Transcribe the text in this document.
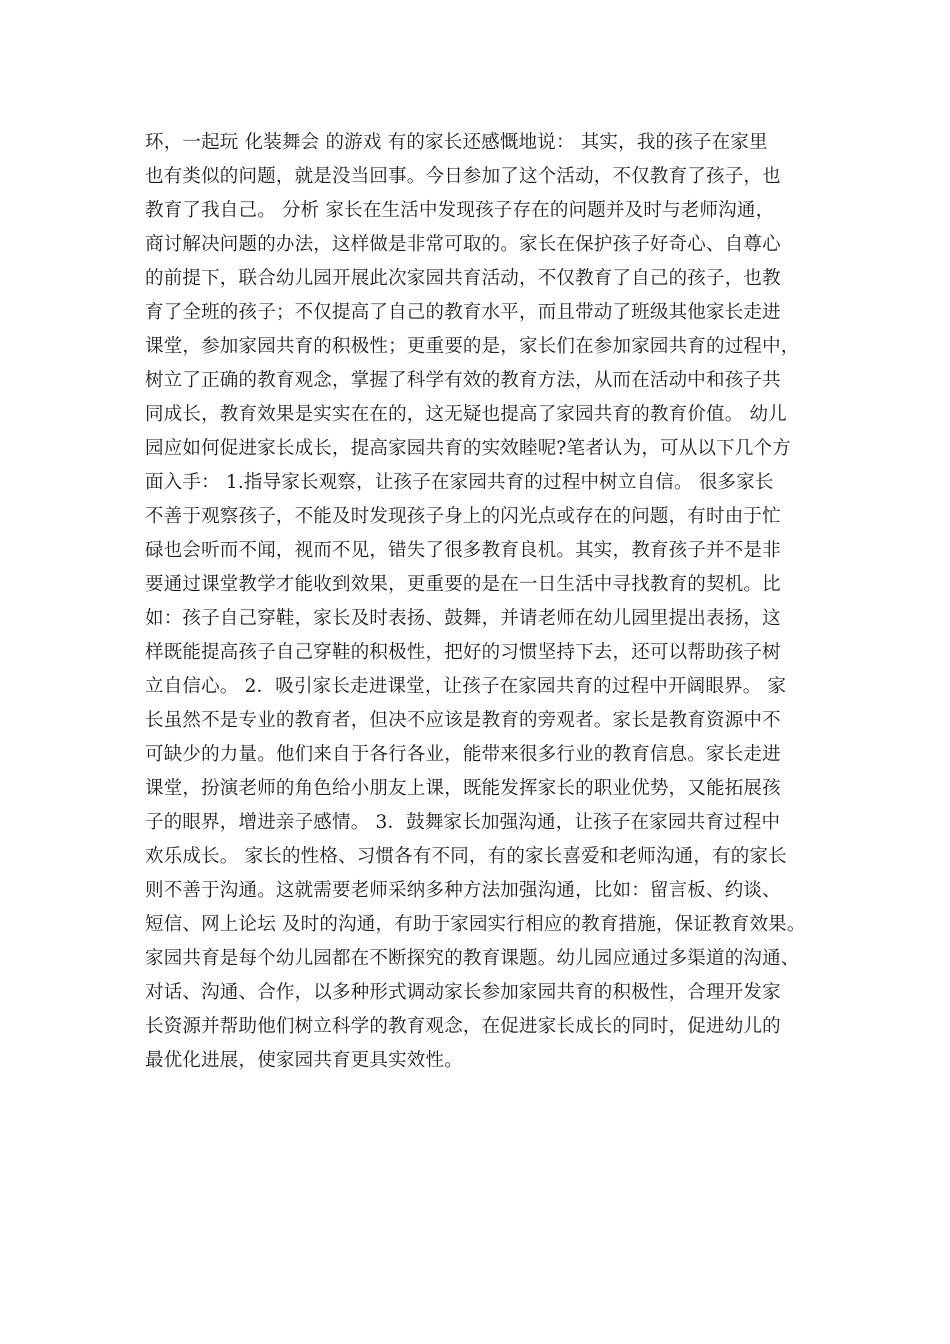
环，一起玩 化装舞会 的游戏 有的家长还感慨地说： 其实，我的孩子在家里
也有类似的问题，就是没当回事。今日参加了这个活动，不仅教育了孩子，也
教育了我自己。 分析 家长在生活中发现孩子存在的问题并及时与老师沟通，
商讨解决问题的办法，这样做是非常可取的。家长在保护孩子好奇心、自尊心
的前提下，联合幼儿园开展此次家园共育活动，不仅教育了自己的孩子，也教
育了全班的孩子；不仅提高了自己的教育水平，而且带动了班级其他家长走进
课堂，参加家园共育的积极性；更重要的是，家长们在参加家园共育的过程中，
树立了正确的教育观念，掌握了科学有效的教育方法，从而在活动中和孩子共
同成长，教育效果是实实在在的，这无疑也提高了家园共育的教育价值。 幼儿
园应如何促进家长成长，提高家园共育的实效睦呢?笔者认为，可从以下几个方
面入手： 1.指导家长观察，让孩子在家园共育的过程中树立自信。 很多家长
不善于观察孩子，不能及时发现孩子身上的闪光点或存在的问题，有时由于忙
碌也会听而不闻，视而不见，错失了很多教育良机。其实，教育孩子并不是非
要通过课堂教学才能收到效果，更重要的是在一日生活中寻找教育的契机。比
如：孩子自己穿鞋，家长及时表扬、鼓舞，并请老师在幼儿园里提出表扬，这
样既能提高孩子自己穿鞋的积极性，把好的习惯坚持下去，还可以帮助孩子树
立自信心。 2．吸引家长走进课堂，让孩子在家园共育的过程中开阔眼界。 家
长虽然不是专业的教育者，但决不应该是教育的旁观者。家长是教育资源中不
可缺少的力量。他们来自于各行各业，能带来很多行业的教育信息。家长走进
课堂，扮演老师的角色给小朋友上课，既能发挥家长的职业优势，又能拓展孩
子的眼界，增进亲子感情。 3．鼓舞家长加强沟通，让孩子在家园共育过程中
欢乐成长。 家长的性格、习惯各有不同，有的家长喜爱和老师沟通，有的家长
则不善于沟通。这就需要老师采纳多种方法加强沟通，比如：留言板、约谈、
短信、网上论坛 及时的沟通，有助于家园实行相应的教育措施，保证教育效果。
家园共育是每个幼儿园都在不断探究的教育课题。幼儿园应通过多渠道的沟通、
对话、沟通、合作，以多种形式调动家长参加家园共育的积极性，合理开发家
长资源并帮助他们树立科学的教育观念，在促进家长成长的同时，促进幼儿的
最优化进展，使家园共育更具实效性。
